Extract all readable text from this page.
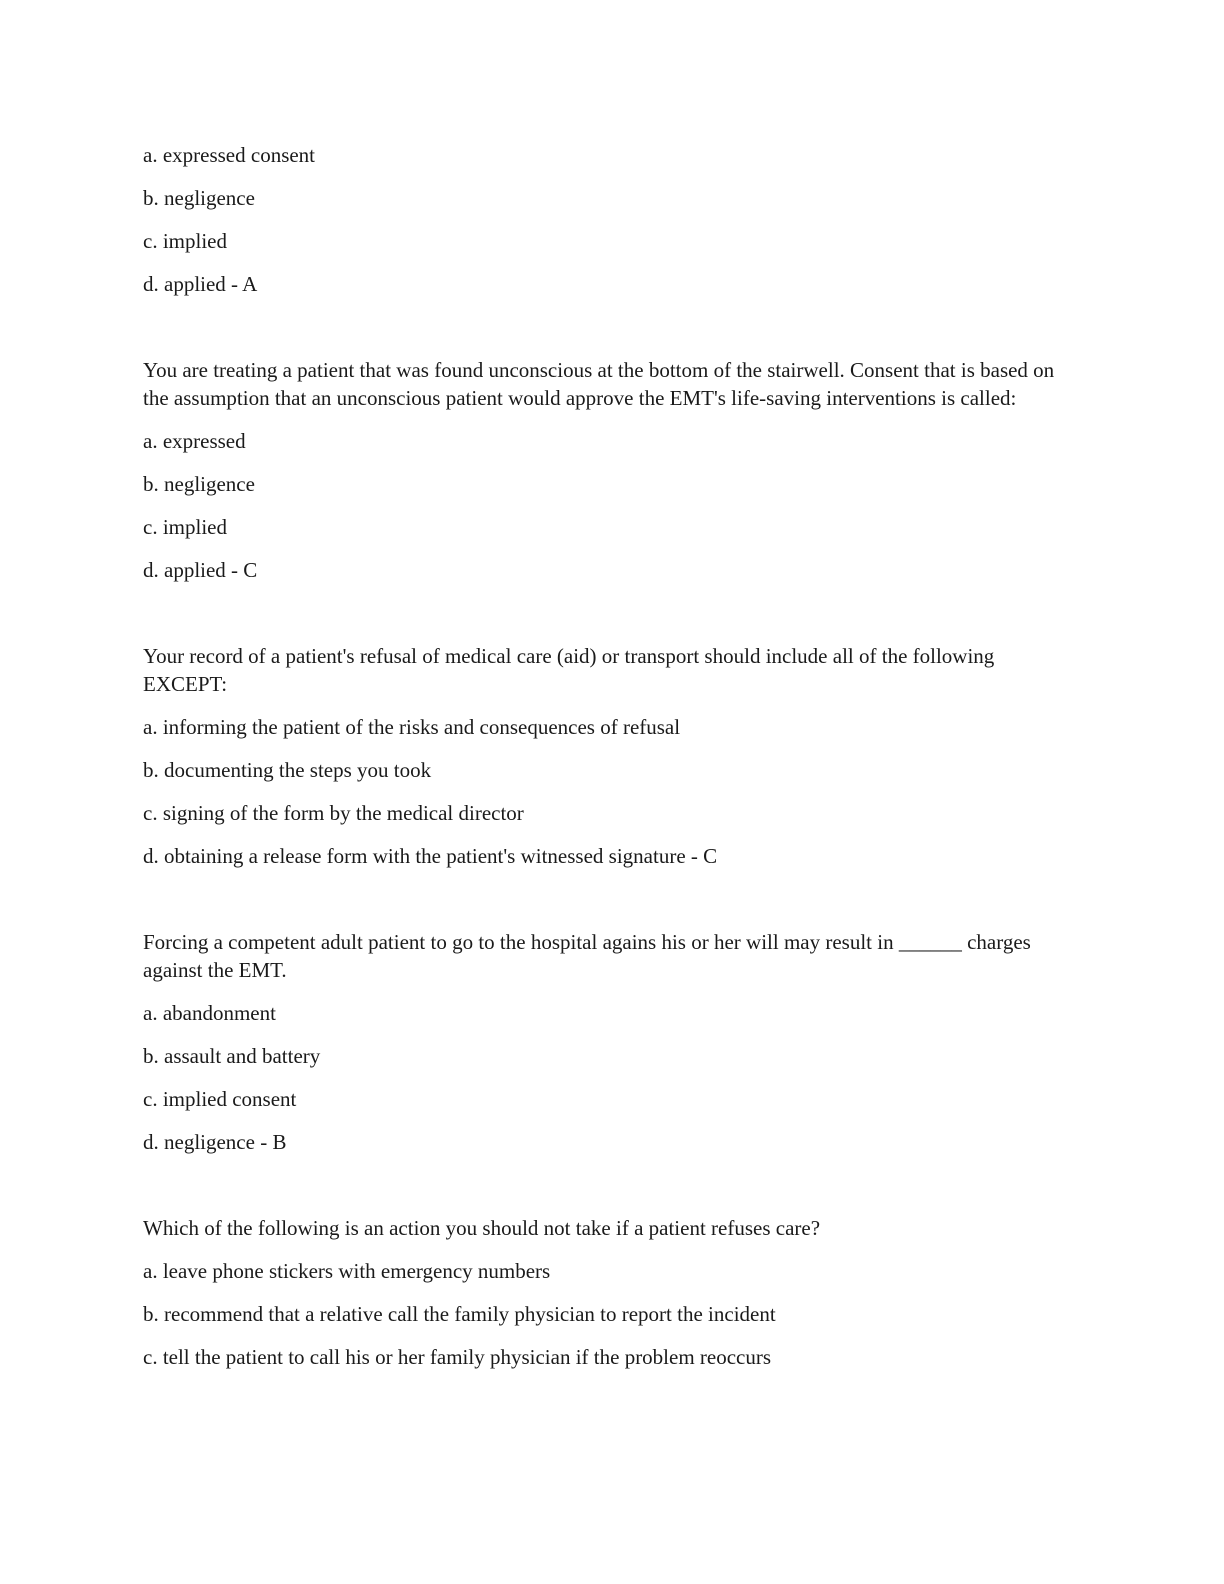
a. expressed consent
b. negligence
c. implied
d. applied - A
You are treating a patient that was found unconscious at the bottom of the stairwell. Consent that is based on the assumption that an unconscious patient would approve the EMT's life-saving interventions is called:
a. expressed
b. negligence
c. implied
d. applied - C
Your record of a patient's refusal of medical care (aid) or transport should include all of the following EXCEPT:
a. informing the patient of the risks and consequences of refusal
b. documenting the steps you took
c. signing of the form by the medical director
d. obtaining a release form with the patient's witnessed signature - C
Forcing a competent adult patient to go to the hospital agains his or her will may result in ______ charges against the EMT.
a. abandonment
b. assault and battery
c. implied consent
d. negligence - B
Which of the following is an action you should not take if a patient refuses care?
a. leave phone stickers with emergency numbers
b. recommend that a relative call the family physician to report the incident
c. tell the patient to call his or her family physician if the problem reoccurs
